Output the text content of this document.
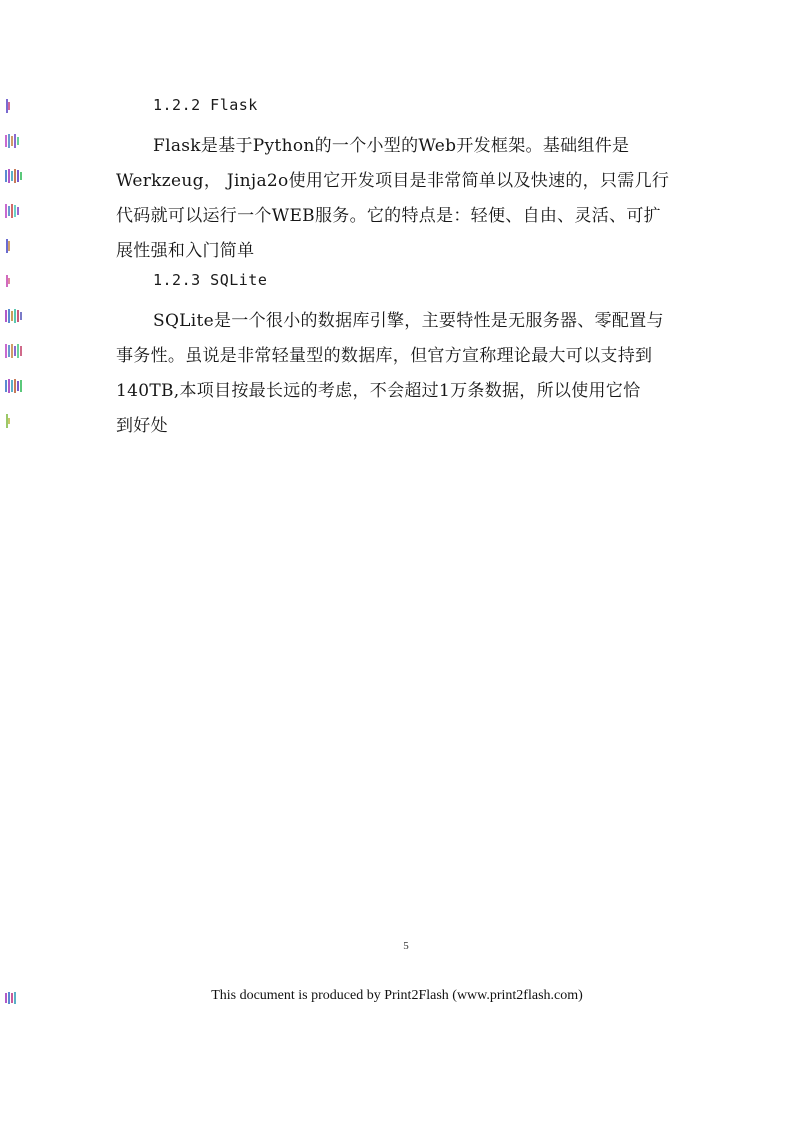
1.2.2 Flask
Flask是基于Python的一个小型的Web开发框架。基础组件是
Werkzeug， Jinja2o使用它开发项目是非常简单以及快速的，只需几行
代码就可以运行一个WEB服务。它的特点是：轻便、自由、灵活、可扩
展性强和入门简单
1.2.3 SQLite
SQLite是一个很小的数据库引擎，主要特性是无服务器、零配置与
事务性。虽说是非常轻量型的数据库，但官方宣称理论最大可以支持到
140TB,本项目按最长远的考虑，不会超过1万条数据，所以使用它恰
到好处
5
This document is produced by Print2Flash (www.print2flash.com)
